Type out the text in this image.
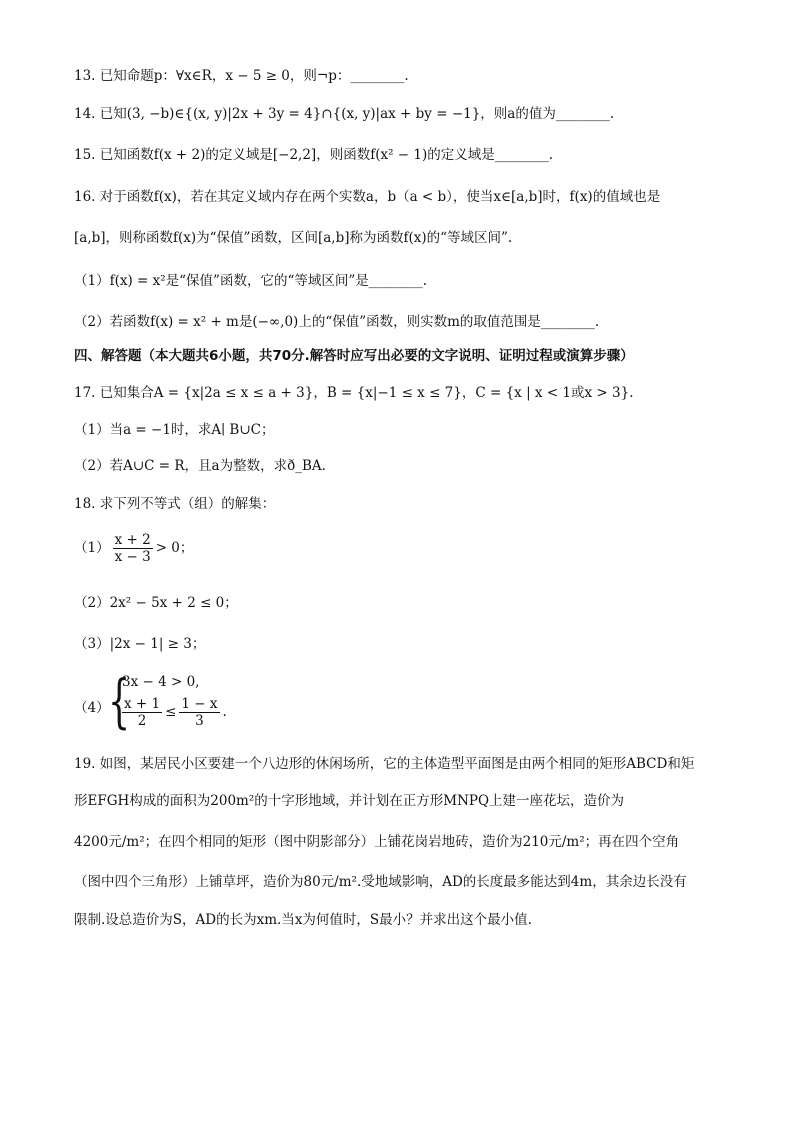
13. 已知命题p：∀x∈R，x − 5 ≥ 0，则¬p：________.
14. 已知(3, −b)∈{(x, y)|2x + 3y = 4}∩{(x, y)|ax + by = −1}，则a的值为________.
15. 已知函数f(x + 2)的定义域是[−2,2]，则函数f(x² − 1)的定义域是________.
16. 对于函数f(x)，若在其定义域内存在两个实数a，b（a < b），使当x∈[a,b]时，f(x)的值域也是
[a,b]，则称函数f(x)为“保值”函数，区间[a,b]称为函数f(x)的“等域区间”.
（1）f(x) = x²是“保值”函数，它的“等域区间”是________.
（2）若函数f(x) = x² + m是(−∞,0)上的“保值”函数，则实数m的取值范围是________.
四、解答题（本大题共6小题，共70分.解答时应写出必要的文字说明、证明过程或演算步骤）
17. 已知集合A = {x|2a ≤ x ≤ a + 3}，B = {x|−1 ≤ x ≤ 7}，C = {x | x < 1或x > 3}.
（1）当a = −1时，求A∣ B∪C；
（2）若A∪C = R，且a为整数，求ð_BA.
18. 求下列不等式（组）的解集：
$(1) \frac{x + 2}{x - 3} > 0$；
（2）2x² − 5x + 2 ≤ 0；
（3）|2x − 1| ≥ 3；
（4）
{
3x − 4 > 0,
$\frac{x + 1}{2} \le \frac{1 - x}{3}$ .
19. 如图，某居民小区要建一个八边形的休闲场所，它的主体造型平面图是由两个相同的矩形ABCD和矩
形EFGH构成的面积为200m²的十字形地域，并计划在正方形MNPQ上建一座花坛，造价为
4200元/m²；在四个相同的矩形（图中阴影部分）上铺花岗岩地砖，造价为210元/m²；再在四个空角
（图中四个三角形）上铺草坪，造价为80元/m².受地域影响，AD的长度最多能达到4m，其余边长没有
限制.设总造价为S，AD的长为xm.当x为何值时，S最小？并求出这个最小值.
